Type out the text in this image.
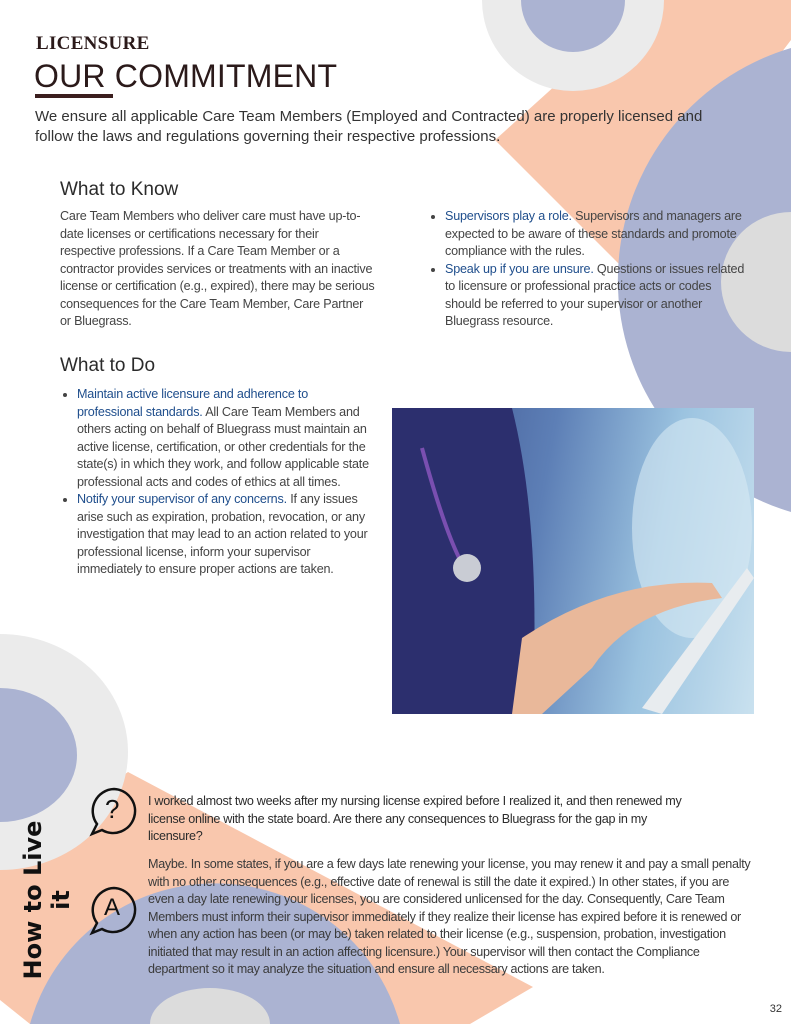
LICENSURE
OUR COMMITMENT
We ensure all applicable Care Team Members (Employed and Contracted) are properly licensed and follow the laws and regulations governing their respective professions.
What to Know
Care Team Members who deliver care must have up-to-date licenses or certifications necessary for their respective professions. If a Care Team Member or a contractor provides services or treatments with an inactive license or certification (e.g., expired), there may be serious consequences for the Care Team Member, Care Partner or Bluegrass.
• Supervisors play a role. Supervisors and managers are expected to be aware of these standards and promote compliance with the rules.
• Speak up if you are unsure. Questions or issues related to licensure or professional practice acts or codes should be referred to your supervisor or another Bluegrass resource.
What to Do
• Maintain active licensure and adherence to professional standards. All Care Team Members and others acting on behalf of Bluegrass must maintain an active license, certification, or other credentials for the state(s) in which they work, and follow applicable state professional acts and codes of ethics at all times.
• Notify your supervisor of any concerns. If any issues arise such as expiration, probation, revocation, or any investigation that may lead to an action related to your professional license, inform your supervisor immediately to ensure proper actions are taken.
How to Live it
? I worked almost two weeks after my nursing license expired before I realized it, and then renewed my license online with the state board. Are there any consequences to Bluegrass for the gap in my licensure?
A
Maybe. In some states, if you are a few days late renewing your license, you may renew it and pay a small penalty with no other consequences (e.g., effective date of renewal is still the date it expired.) In other states, if you are even a day late renewing your licenses, you are considered unlicensed for the day. Consequently, Care Team Members must inform their supervisor immediately if they realize their license has expired before it is renewed or when any action has been (or may be) taken related to their license (e.g., suspension, probation, investigation initiated that may result in an action affecting licensure.) Your supervisor will then contact the Compliance department so it may analyze the situation and ensure all necessary actions are taken.
32
